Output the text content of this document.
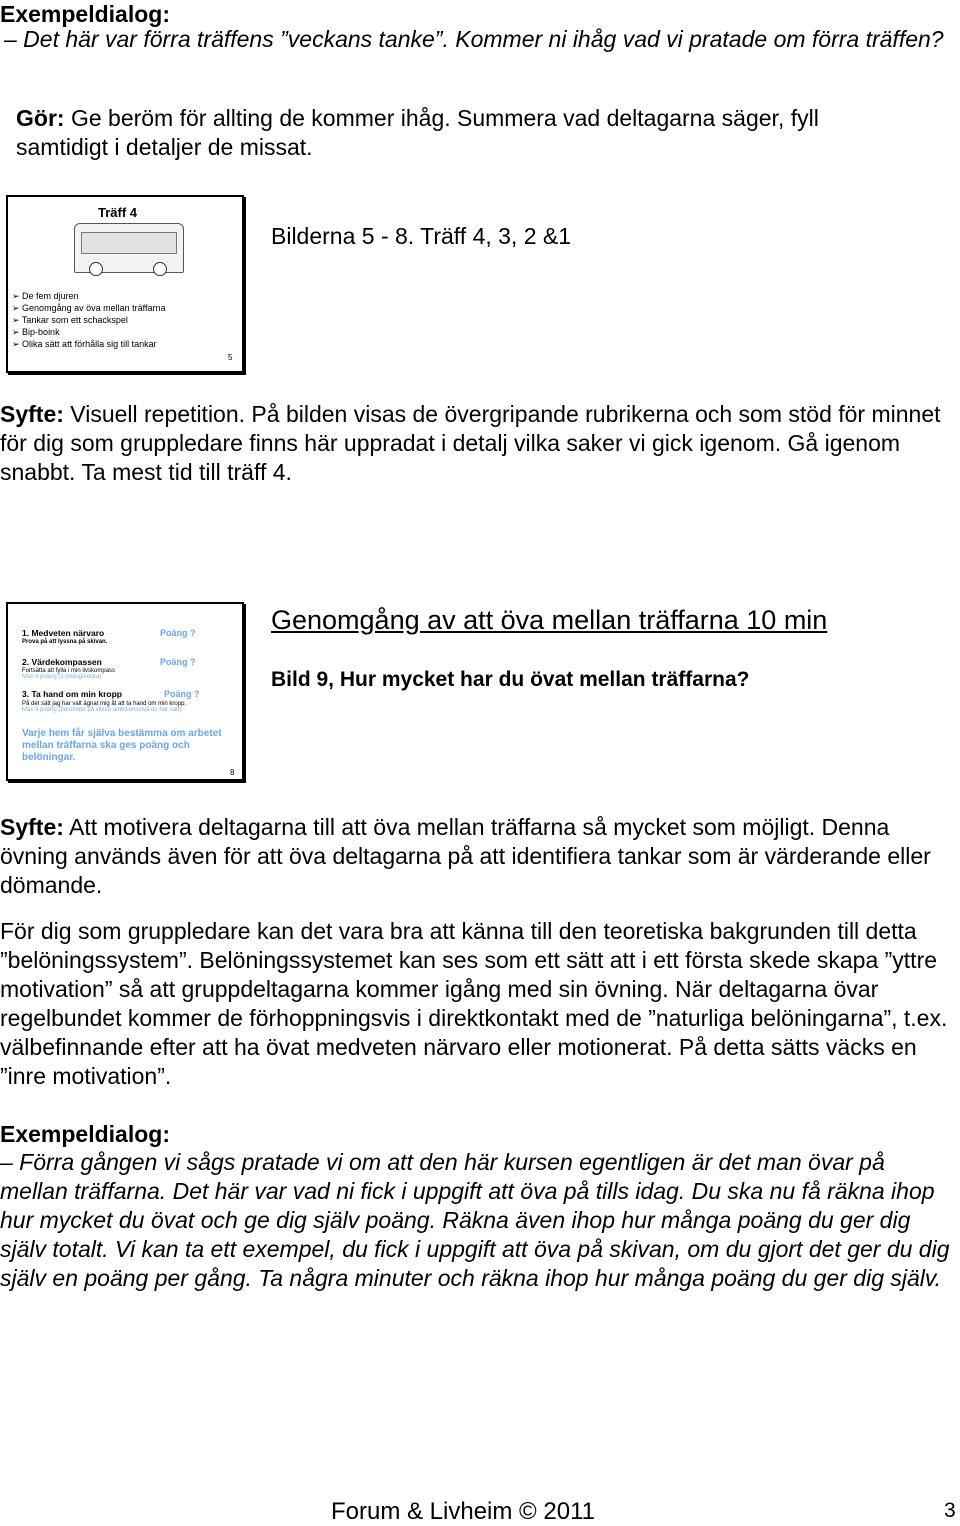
Exempeldialog:

– Det här var förra träffens ”veckans tanke”. Kommer ni ihåg vad vi pratade om förra träffen?

Gör: Ge beröm för allting de kommer ihåg. Summera vad deltagarna säger, fyll samtidigt i detaljer de missat.

Träff 4
➢ De fem djuren
➢ Genomgång av öva mellan träffarna
➢ Tankar som ett schackspel
➢ Bip-boink
➢ Olika sätt att förhålla sig till tankar
5

Bilderna 5 - 8. Träff 4, 3, 2 &1

Syfte: Visuell repetition. På bilden visas de övergripande rubrikerna och som stöd för minnet för dig som gruppledare finns här uppradat i detalj vilka saker vi gick igenom. Gå igenom snabbt. Ta mest tid till träff 4.

1. Medveten närvaro
Prova på att lyssna på skivan.
Poäng ?
2. Värdekompassen
Fortsätta att fylla i min livskompass
Max 4 poäng (1 poäng/vecka)
Poäng ?
3. Ta hand om min kropp
På det sätt jag har valt ägnat mig åt att ta hand om min kropp.
Max 4 poäng (beroende på vilken ambitionsnivå du har satt)
Poäng ?
Varje hem får själva bestämma om arbetet mellan träffarna ska ges poäng och belöningar.
8

Genomgång av att öva mellan träffarna 10 min

Bild 9, Hur mycket har du övat mellan träffarna?

Syfte: Att motivera deltagarna till att öva mellan träffarna så mycket som möjligt. Denna övning används även för att öva deltagarna på att identifiera tankar som är värderande eller dömande.

För dig som gruppledare kan det vara bra att känna till den teoretiska bakgrunden till detta ”belöningssystem”. Belöningssystemet kan ses som ett sätt att i ett första skede skapa ”yttre motivation” så att gruppdeltagarna kommer igång med sin övning. När deltagarna övar regelbundet kommer de förhoppningsvis i direktkontakt med de ”naturliga belöningarna”, t.ex. välbefinnande efter att ha övat medveten närvaro eller motionerat. På detta sätts väcks en ”inre motivation”.

Exempeldialog:

– Förra gången vi sågs pratade vi om att den här kursen egentligen är det man övar på mellan träffarna. Det här var vad ni fick i uppgift att öva på tills idag. Du ska nu få räkna ihop hur mycket du övat och ge dig själv poäng. Räkna även ihop hur många poäng du ger dig själv totalt. Vi kan ta ett exempel, du fick i uppgift att öva på skivan, om du gjort det ger du dig själv en poäng per gång. Ta några minuter och räkna ihop hur många poäng du ger dig själv.

Forum & Livheim © 2011	3
